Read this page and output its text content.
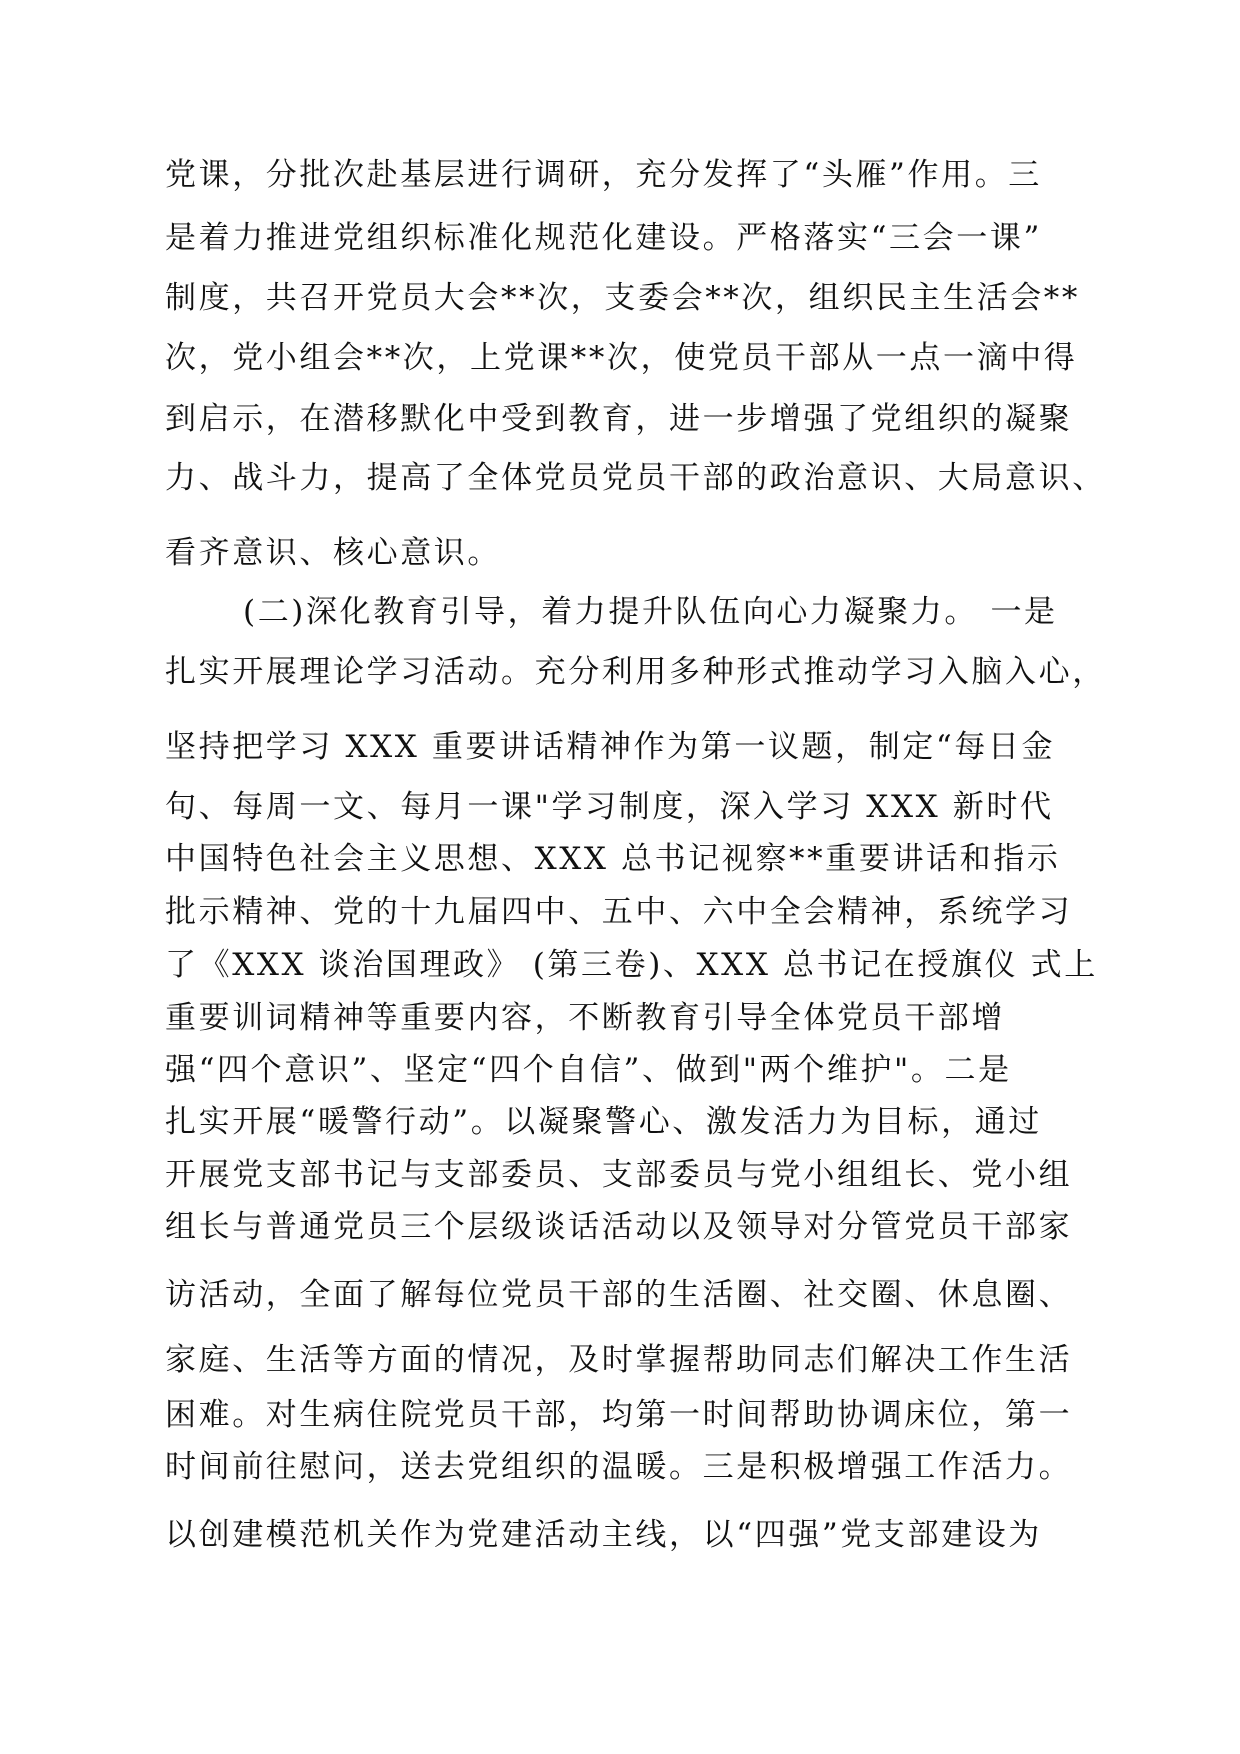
党课，分批次赴基层进行调研，充分发挥了“头雁”作用。三
是着力推进党组织标准化规范化建设。严格落实“三会一课”
制度，共召开党员大会**次，支委会**次，组织民主生活会**
次，党小组会**次，上党课**次，使党员干部从一点一滴中得
到启示，在潜移默化中受到教育，进一步增强了党组织的凝聚
力、战斗力，提高了全体党员党员干部的政治意识、大局意识、
看齐意识、核心意识。
(二)深化教育引导，着力提升队伍向心力凝聚力。 一是
扎实开展理论学习活动。充分利用多种形式推动学习入脑入心，
坚持把学习 XXX 重要讲话精神作为第一议题，制定“每日金
句、每周一文、每月一课"学习制度，深入学习 XXX 新时代
中国特色社会主义思想、XXX 总书记视察**重要讲话和指示
批示精神、党的十九届四中、五中、六中全会精神，系统学习
了《XXX 谈治国理政》 (第三卷)、XXX 总书记在授旗仪 式上
重要训词精神等重要内容，不断教育引导全体党员干部增
强“四个意识”、坚定“四个自信”、做到"两个维护"。二是
扎实开展“暖警行动”。以凝聚警心、激发活力为目标，通过
开展党支部书记与支部委员、支部委员与党小组组长、党小组
组长与普通党员三个层级谈话活动以及领导对分管党员干部家
访活动，全面了解每位党员干部的生活圈、社交圈、休息圈、
家庭、生活等方面的情况，及时掌握帮助同志们解决工作生活
困难。对生病住院党员干部，均第一时间帮助协调床位，第一
时间前往慰问，送去党组织的温暖。三是积极增强工作活力。
以创建模范机关作为党建活动主线，以“四强”党支部建设为
